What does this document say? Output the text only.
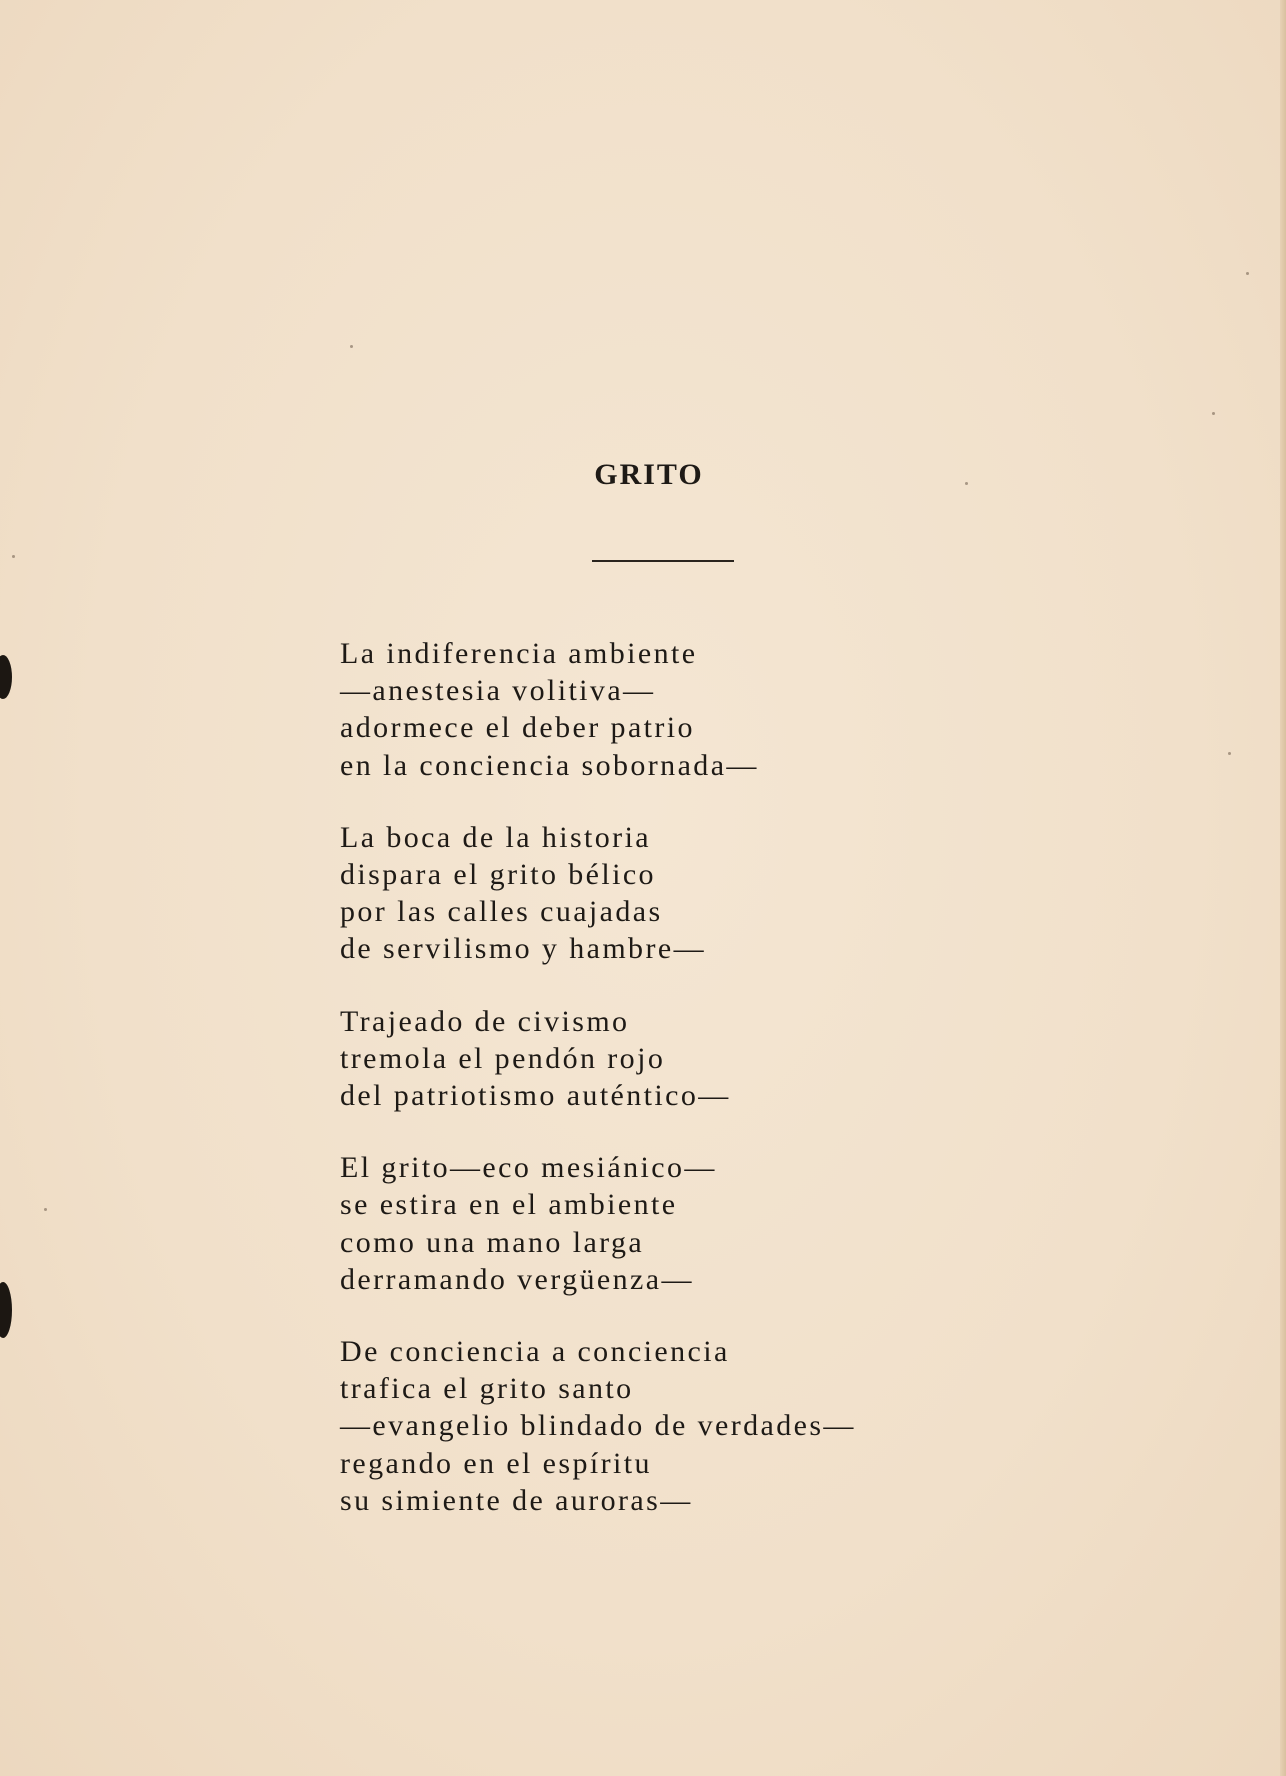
GRITO
La indiferencia ambiente
—anestesia volitiva—
adormece el deber patrio
en la conciencia sobornada—
La boca de la historia
dispara el grito bélico
por las calles cuajadas
de servilismo y hambre—
Trajeado de civismo
tremola el pendón rojo
del patriotismo auténtico—
El grito—eco mesiánico—
se estira en el ambiente
como una mano larga
derramando vergüenza—
De conciencia a conciencia
trafica el grito santo
—evangelio blindado de verdades—
regando en el espíritu
su simiente de auroras—
